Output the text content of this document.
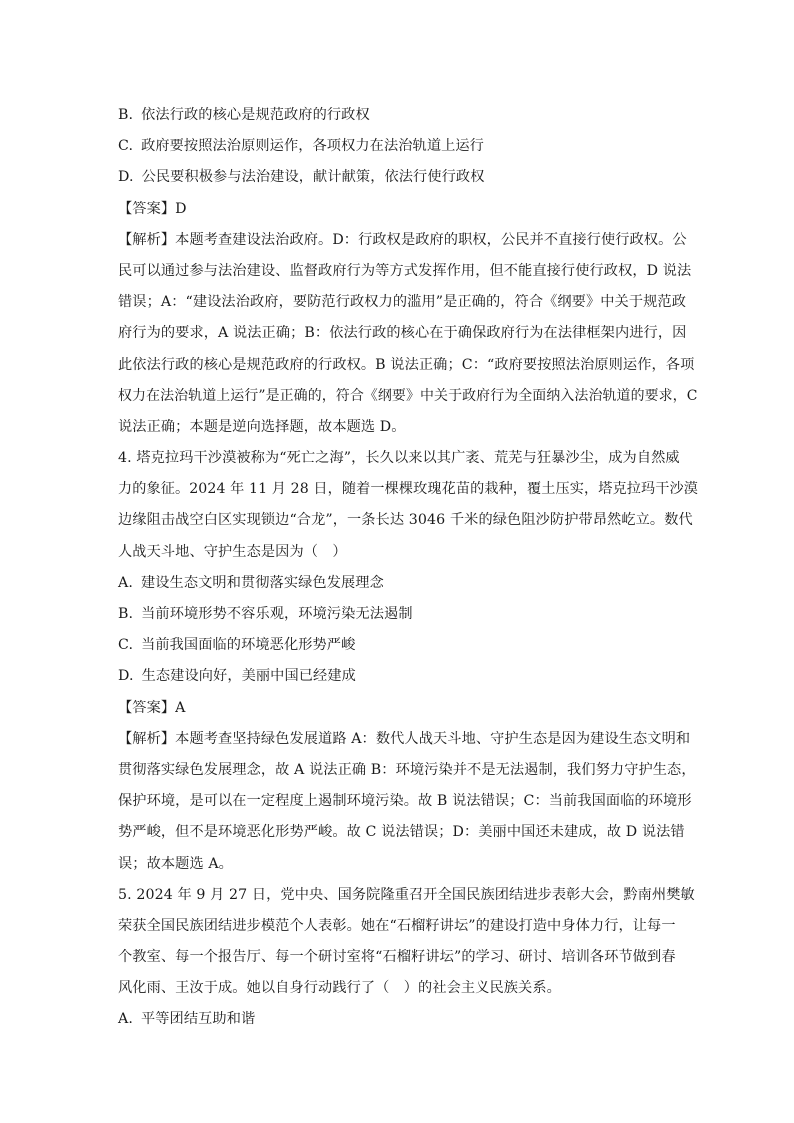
B. 依法行政的核心是规范政府的行政权
C. 政府要按照法治原则运作，各项权力在法治轨道上运行
D. 公民要积极参与法治建设，献计献策，依法行使行政权
【答案】D
【解析】本题考查建设法治政府。D：行政权是政府的职权，公民并不直接行使行政权。公
民可以通过参与法治建设、监督政府行为等方式发挥作用，但不能直接行使行政权，D 说法
错误；A：“建设法治政府，要防范行政权力的滥用”是正确的，符合《纲要》中关于规范政
府行为的要求，A 说法正确；B：依法行政的核心在于确保政府行为在法律框架内进行，因
此依法行政的核心是规范政府的行政权。B 说法正确；C：“政府要按照法治原则运作，各项
权力在法治轨道上运行”是正确的，符合《纲要》中关于政府行为全面纳入法治轨道的要求，C
说法正确；本题是逆向选择题，故本题选 D。
4. 塔克拉玛干沙漠被称为“死亡之海”，长久以来以其广袤、荒芜与狂暴沙尘，成为自然威
力的象征。2024 年 11 月 28 日，随着一棵棵玫瑰花苗的栽种，覆土压实，塔克拉玛干沙漠
边缘阻击战空白区实现锁边“合龙”，一条长达 3046 千米的绿色阻沙防护带昂然屹立。数代
人战天斗地、守护生态是因为（　）
A. 建设生态文明和贯彻落实绿色发展理念
B. 当前环境形势不容乐观，环境污染无法遏制
C. 当前我国面临的环境恶化形势严峻
D. 生态建设向好，美丽中国已经建成
【答案】A
【解析】本题考查坚持绿色发展道路 A：数代人战天斗地、守护生态是因为建设生态文明和
贯彻落实绿色发展理念，故 A 说法正确 B：环境污染并不是无法遏制，我们努力守护生态，
保护环境，是可以在一定程度上遏制环境污染。故 B 说法错误；C：当前我国面临的环境形
势严峻，但不是环境恶化形势严峻。故 C 说法错误；D：美丽中国还未建成，故 D 说法错
误；故本题选 A。
5. 2024 年 9 月 27 日，党中央、国务院隆重召开全国民族团结进步表彰大会，黔南州樊敏
荣获全国民族团结进步模范个人表彰。她在“石榴籽讲坛”的建设打造中身体力行，让每一
个教室、每一个报告厅、每一个研讨室将“石榴籽讲坛”的学习、研讨、培训各环节做到春
风化雨、王汝于成。她以自身行动践行了（　）的社会主义民族关系。
A. 平等团结互助和谐
